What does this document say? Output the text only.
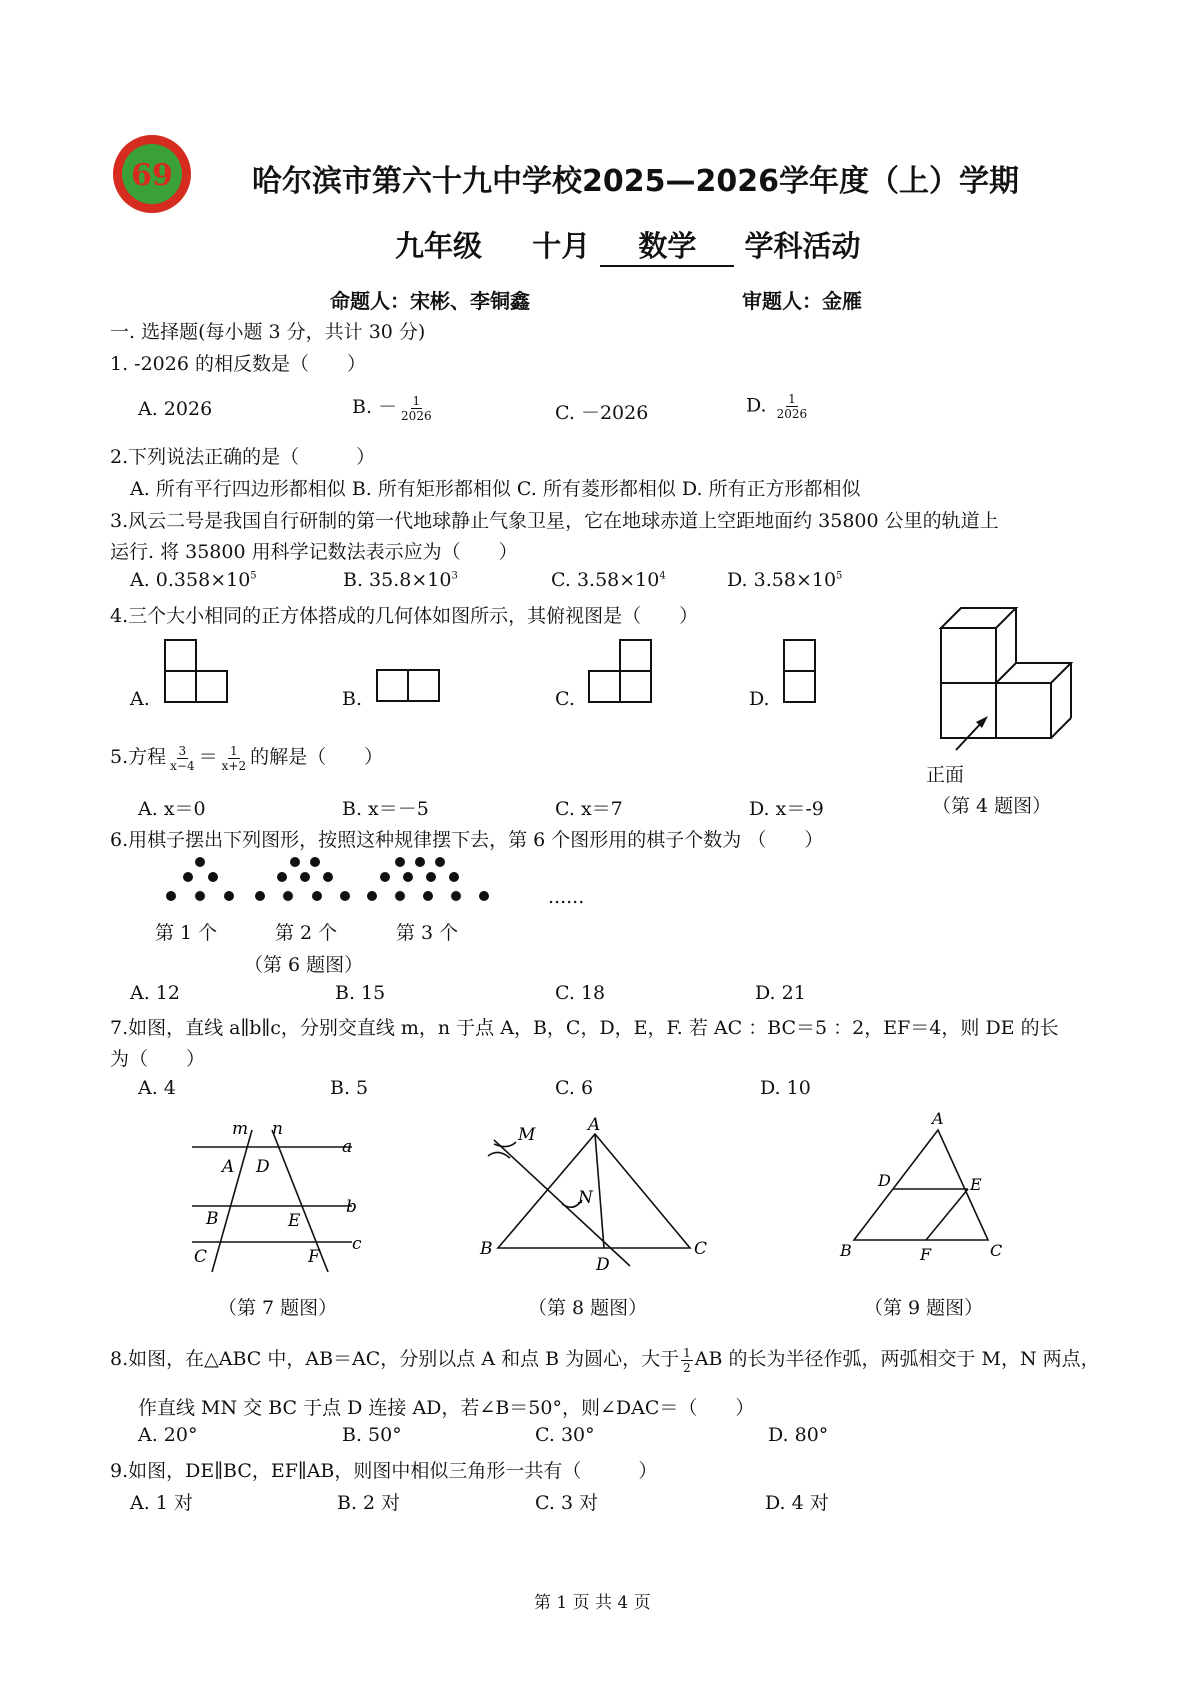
69	哈尔滨市第六十九中学校2025—2026学年度（上）学期
九年级 十月 数学 学科活动
命题人：宋彬、李铜鑫	审题人：金雁
一. 选择题(每小题 3 分，共计 30 分)
1. -2026 的相反数是（　　）
A. 2026	B. － $\frac{1}{2026}$	C. －2026	D. $\frac{1}{2026}$
2.下列说法正确的是（　　　）
A. 所有平行四边形都相似 B. 所有矩形都相似 C. 所有菱形都相似 D. 所有正方形都相似
3.风云二号是我国自行研制的第一代地球静止气象卫星，它在地球赤道上空距地面约 35800 公里的轨道上
运行. 将 35800 用科学记数法表示应为（　　）
A. $0.358\times 10^5$	B. $35.8\times 10^3$	C. $3.58\times 10^4$	D. $3.58\times 10^5$
4.三个大小相同的正方体搭成的几何体如图所示，其俯视图是（　　）
A.	B.	C.	D.
正面
（第 4 题图）
5.方程 $\frac{3}{x-4} = \frac{1}{x+2}$ 的解是（　　）
A. x＝0	B. x＝－5	C. x＝7	D. x＝-9
6.用棋子摆出下列图形，按照这种规律摆下去，第 6 个图形用的棋子个数为 （　　）
......
第 1 个	第 2 个	第 3 个
（第 6 题图）
A. 12	B. 15	C. 18	D. 21
7.如图，直线 a∥b∥c，分别交直线 m，n 于点 A，B，C，D，E，F. 若 AC ：BC＝5 ：2，EF＝4，则 DE 的长
为（　　）
A. 4	B. 5	C. 6	D. 10
m n
a
b
c
A D
B	E
C	F
（第 7 题图）
A
M
N
B
D
C
（第 8 题图）
A
D	E
B	F	C
（第 9 题图）
8.如图，在△ABC 中，AB＝AC，分别以点 A 和点 B 为圆心，大于 $\frac{1}{2}$ AB 的长为半径作弧，两弧相交于 M，N 两点，
作直线 MN 交 BC 于点 D 连接 AD，若∠B＝50°，则∠DAC＝（　　）
A. 20°	B. 50°	C. 30°	D. 80°
9.如图，DE∥BC，EF∥AB，则图中相似三角形一共有（　　　）
A. 1 对	B. 2 对	C. 3 对	D. 4 对
第 1 页 共 4 页
